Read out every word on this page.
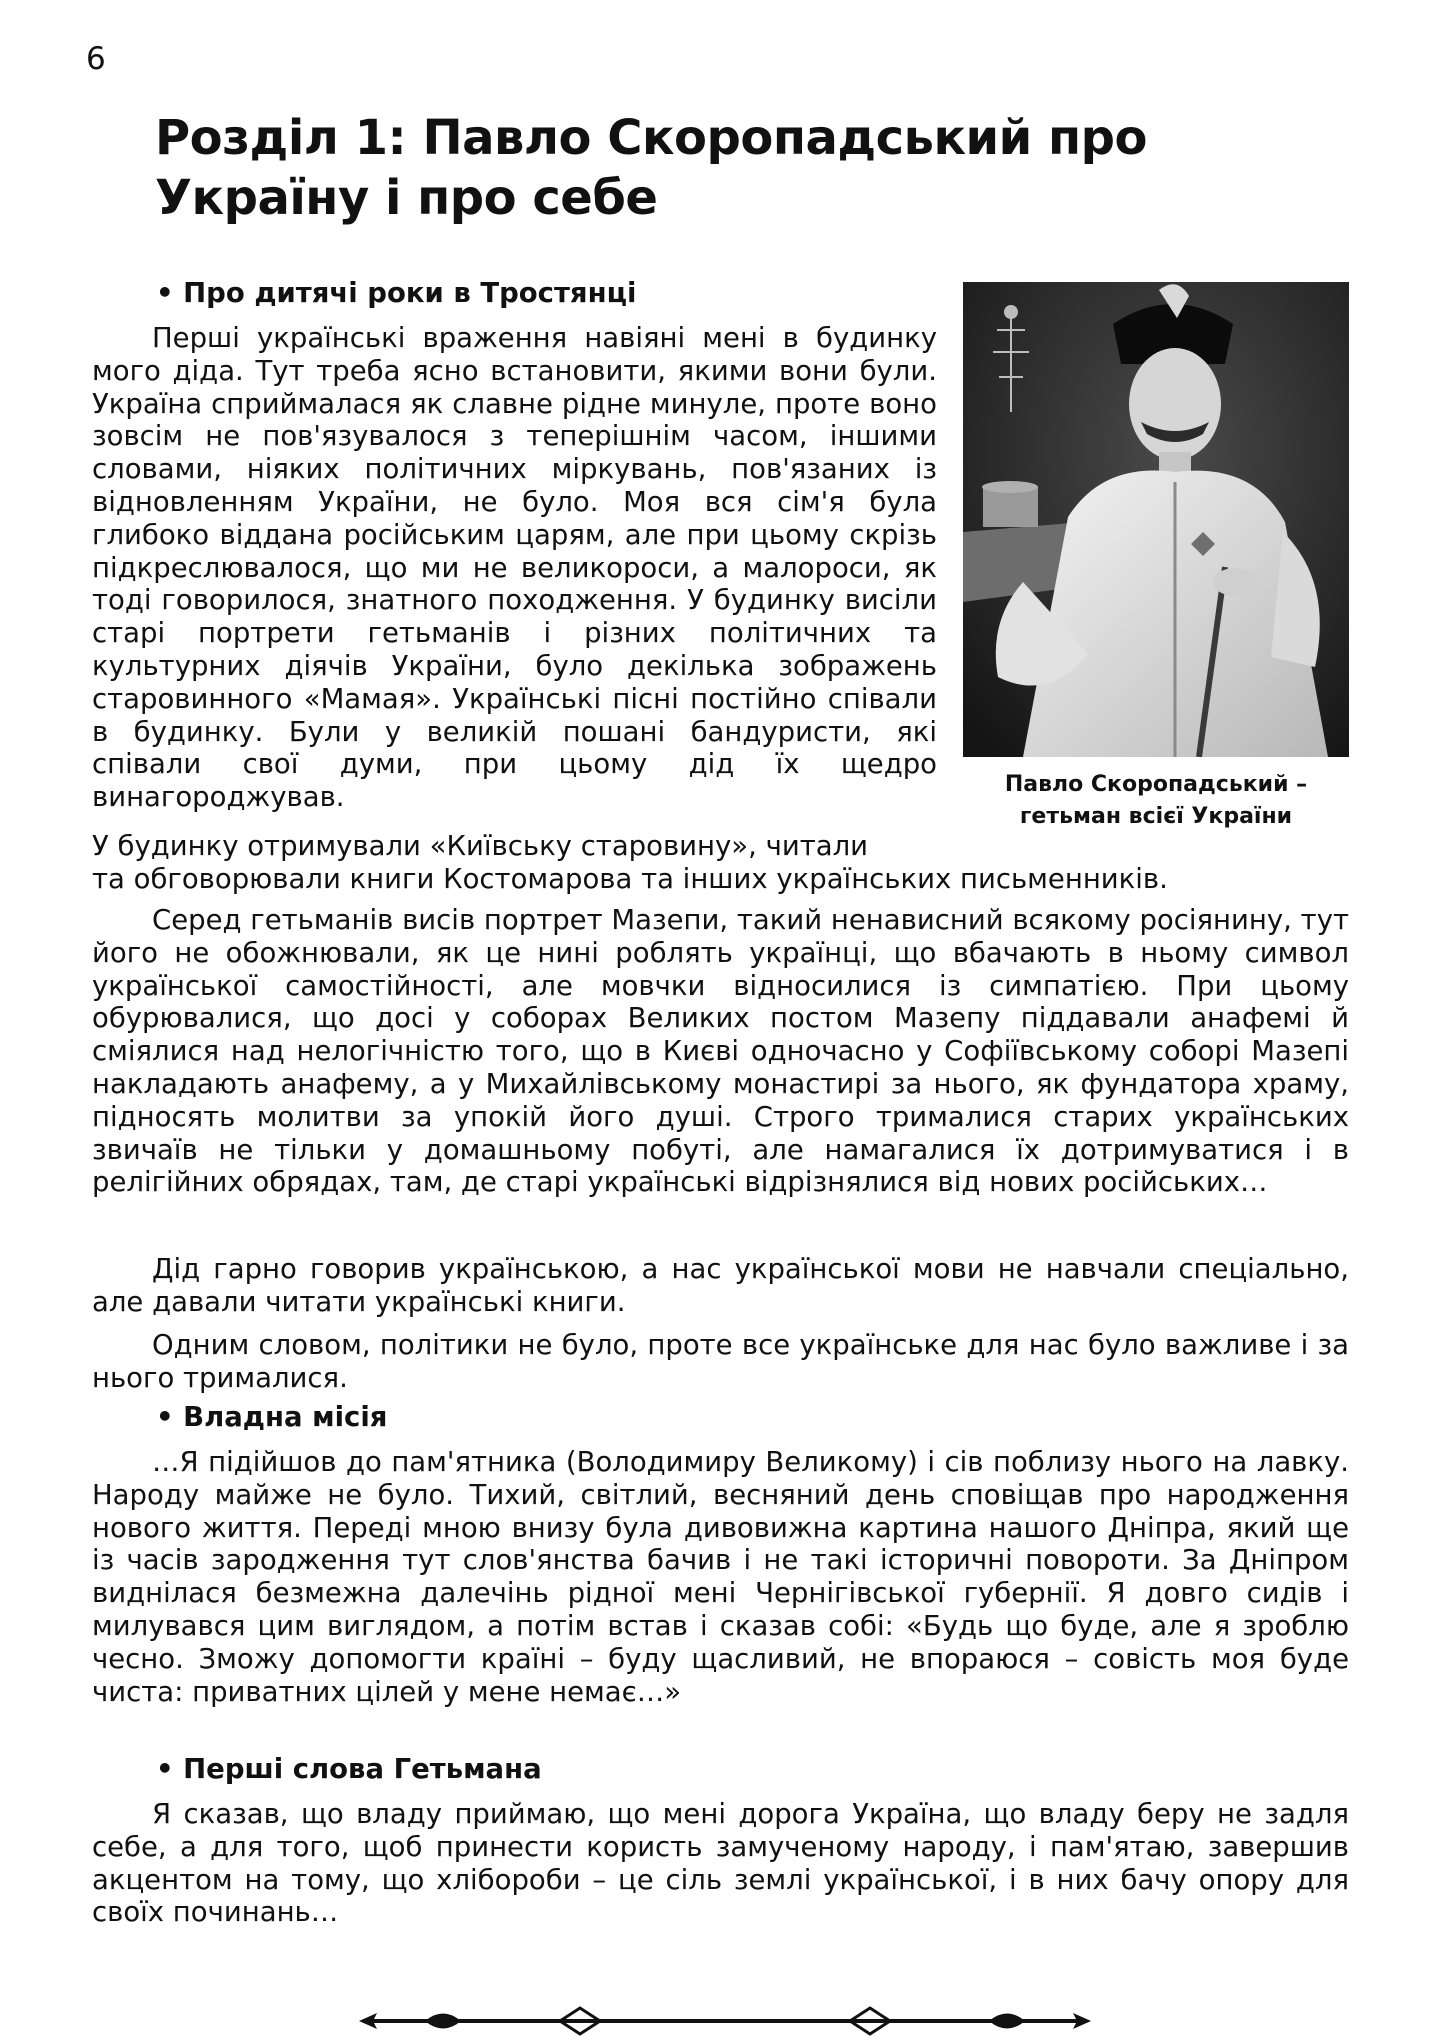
6
Розділ 1: Павло Скоропадський про Україну і про себе
• Про дитячі роки в Тростянці

Перші українські враження навіяні мені в будинку мого діда. Тут треба ясно встановити, якими вони були. Україна сприймалася як славне рідне минуле, проте воно зовсім не пов'язувалося з теперішнім часом, іншими словами, ніяких політичних міркувань, пов'язаних із відновленням України, не було. Моя вся сім'я була глибоко віддана російським царям, але при цьому скрізь підкреслювалося, що ми не великороси, а малороси, як тоді говорилося, знатного походження. У будинку висіли старі портрети гетьманів і різних політичних та культурних діячів України, було декілька зображень старовинного «Мамая». Українські пісні постійно співали в будинку. Були у великій пошані бандуристи, які співали свої думи, при цьому дід їх щедро винагороджував.	Павло Скоропадський –
гетьман всієї України

У будинку отримували «Київську старовину», читали

та обговорювали книги Костомарова та інших українських письменників.

Серед гетьманів висів портрет Мазепи, такий ненависний всякому росіянину, тут його не обожнювали, як це нині роблять українці, що вбачають в ньому символ української самостійності, але мовчки відносилися із симпатією. При цьому обурювалися, що досі у соборах Великих постом Мазепу піддавали анафемі й сміялися над нелогічністю того, що в Києві одночасно у Софіївському соборі Мазепі накладають анафему, а у Михайлівському монастирі за нього, як фундатора храму, підносять молитви за упокій його душі. Строго трималися старих українських звичаїв не тільки у домашньому побуті, але намагалися їх дотримуватися і в релігійних обрядах, там, де старі українські відрізнялися від нових російських…

Дід гарно говорив українською, а нас української мови не навчали спеціально, але давали читати українські книги.

Одним словом, політики не було, проте все українське для нас було важливе і за нього трималися.

• Владна місія

…Я підійшов до пам'ятника (Володимиру Великому) і сів поблизу нього на лавку. Народу майже не було. Тихий, світлий, весняний день сповіщав про народження нового життя. Переді мною внизу була дивовижна картина нашого Дніпра, який ще із часів зародження тут слов'янства бачив і не такі історичні повороти. За Дніпром виднілася безмежна далечінь рідної мені Чернігівської губернії. Я довго сидів і милувався цим виглядом, а потім встав і сказав собі: «Будь що буде, але я зроблю чесно. Зможу допомогти країні – буду щасливий, не впораюся – совість моя буде чиста: приватних цілей у мене немає…»

• Перші слова Гетьмана

Я сказав, що владу приймаю, що мені дорога Україна, що владу беру не задля себе, а для того, щоб принести користь замученому народу, і пам'ятаю, завершив акцентом на тому, що хлібороби – це сіль землі української, і в них бачу опору для своїх починань…
